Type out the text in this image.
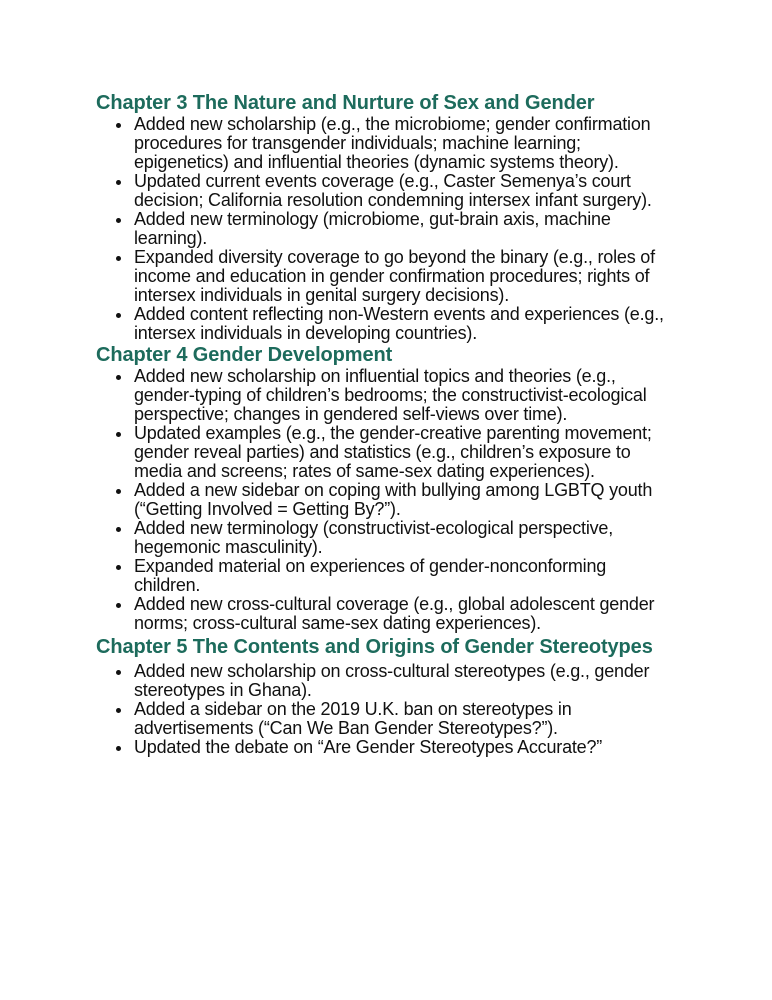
Chapter 3 The Nature and Nurture of Sex and Gender
Added new scholarship (e.g., the microbiome; gender confirmation procedures for transgender individuals; machine learning; epigenetics) and influential theories (dynamic systems theory).
Updated current events coverage (e.g., Caster Semenya’s court decision; California resolution condemning intersex infant surgery).
Added new terminology (microbiome, gut-brain axis, machine learning).
Expanded diversity coverage to go beyond the binary (e.g., roles of income and education in gender confirmation procedures; rights of intersex individuals in genital surgery decisions).
Added content reflecting non-Western events and experiences (e.g., intersex individuals in developing countries).
Chapter 4 Gender Development
Added new scholarship on influential topics and theories (e.g., gender-typing of children’s bedrooms; the constructivist-ecological perspective; changes in gendered self-views over time).
Updated examples (e.g., the gender-creative parenting movement; gender reveal parties) and statistics (e.g., children’s exposure to media and screens; rates of same-sex dating experiences).
Added a new sidebar on coping with bullying among LGBTQ youth (“Getting Involved = Getting By?”).
Added new terminology (constructivist-ecological perspective, hegemonic masculinity).
Expanded material on experiences of gender-nonconforming children.
Added new cross-cultural coverage (e.g., global adolescent gender norms; cross-cultural same-sex dating experiences).
Chapter 5 The Contents and Origins of Gender Stereotypes
Added new scholarship on cross-cultural stereotypes (e.g., gender stereotypes in Ghana).
Added a sidebar on the 2019 U.K. ban on stereotypes in advertisements (“Can We Ban Gender Stereotypes?”).
Updated the debate on “Are Gender Stereotypes Accurate?”
